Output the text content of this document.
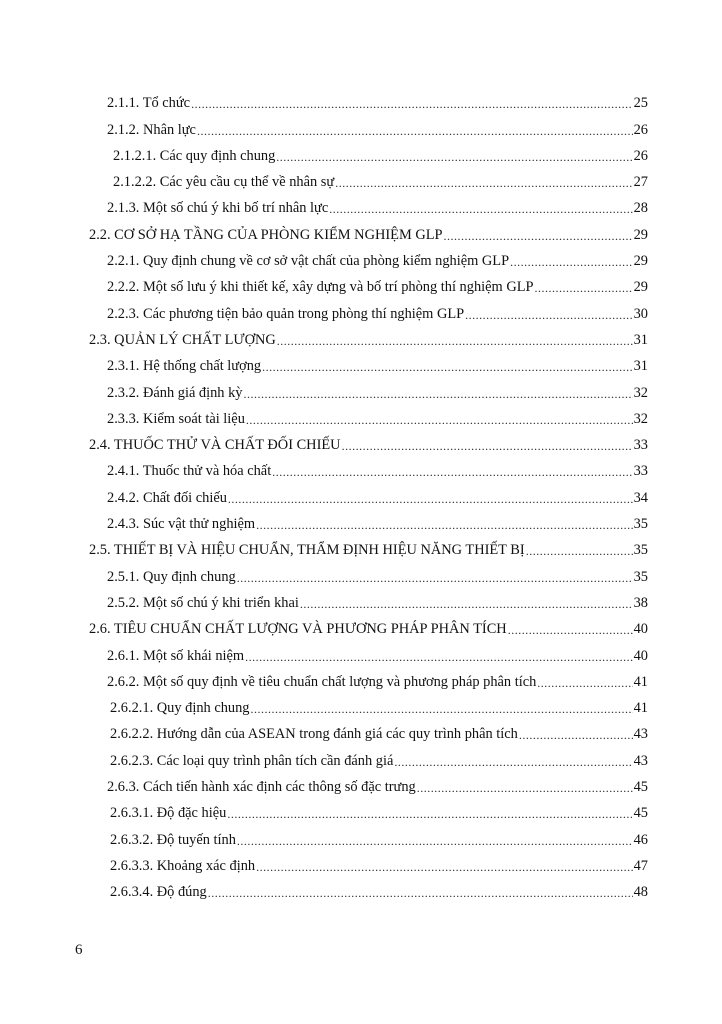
2.1.1. Tổ chức .....	25
2.1.2. Nhân lực .....	26
2.1.2.1. Các quy định chung .....	26
2.1.2.2. Các yêu cầu cụ thể về nhân sự .....	27
2.1.3. Một số chú ý khi bố trí nhân lực .....	28
2.2. CƠ SỞ HẠ TẦNG CỦA PHÒNG KIỂM NGHIỆM GLP .....	29
2.2.1. Quy định chung về cơ sở vật chất của phòng kiểm nghiệm GLP .....	29
2.2.2. Một số lưu ý khi thiết kế, xây dựng và bố trí phòng thí nghiệm GLP .....	29
2.2.3. Các phương tiện bảo quản trong phòng thí nghiệm GLP .....	30
2.3. QUẢN LÝ CHẤT LƯỢNG .....	31
2.3.1. Hệ thống chất lượng .....	31
2.3.2. Đánh giá định kỳ .....	32
2.3.3. Kiểm soát tài liệu .....	32
2.4. THUỐC THỬ VÀ CHẤT ĐỐI CHIẾU .....	33
2.4.1. Thuốc thử và hóa chất .....	33
2.4.2. Chất đối chiếu .....	34
2.4.3. Súc vật thử nghiệm .....	35
2.5. THIẾT BỊ VÀ HIỆU CHUẨN, THẨM ĐỊNH HIỆU NĂNG THIẾT BỊ .....	35
2.5.1. Quy định chung .....	35
2.5.2. Một số chú ý khi triển khai .....	38
2.6. TIÊU CHUẨN CHẤT LƯỢNG VÀ PHƯƠNG PHÁP PHÂN TÍCH .....	40
2.6.1. Một số khái niệm .....	40
2.6.2. Một số quy định về tiêu chuẩn chất lượng và phương pháp phân tích .....	41
2.6.2.1. Quy định chung .....	41
2.6.2.2. Hướng dẫn của ASEAN trong đánh giá các quy trình phân tích .....	43
2.6.2.3. Các loại quy trình phân tích cần đánh giá .....	43
2.6.3. Cách tiến hành xác định các thông số đặc trưng .....	45
2.6.3.1. Độ đặc hiệu .....	45
2.6.3.2. Độ tuyến tính .....	46
2.6.3.3. Khoảng xác định .....	47
2.6.3.4. Độ đúng .....	48
6
